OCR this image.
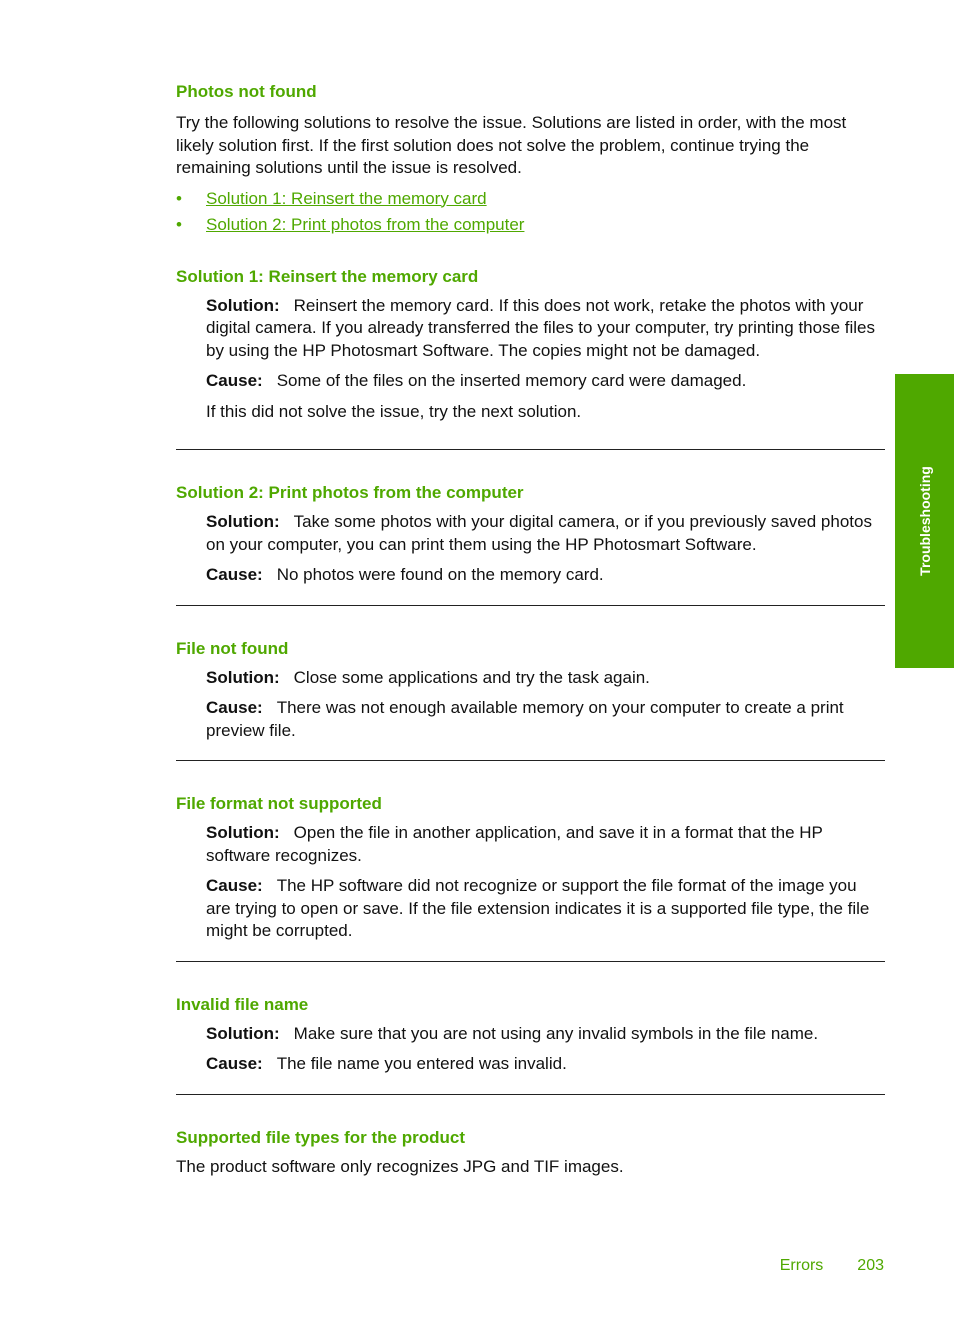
Photos not found

Try the following solutions to resolve the issue. Solutions are listed in order, with the most likely solution first. If the first solution does not solve the problem, continue trying the remaining solutions until the issue is resolved.

• Solution 1: Reinsert the memory card
• Solution 2: Print photos from the computer
Solution 1: Reinsert the memory card

Solution: Reinsert the memory card. If this does not work, retake the photos with your digital camera. If you already transferred the files to your computer, try printing those files by using the HP Photosmart Software. The copies might not be damaged.

Cause: Some of the files on the inserted memory card were damaged.

If this did not solve the issue, try the next solution.

Solution 2: Print photos from the computer

Solution: Take some photos with your digital camera, or if you previously saved photos on your computer, you can print them using the HP Photosmart Software.

Cause: No photos were found on the memory card.

File not found

Solution: Close some applications and try the task again.

Cause: There was not enough available memory on your computer to create a print preview file.

File format not supported

Solution: Open the file in another application, and save it in a format that the HP software recognizes.

Cause: The HP software did not recognize or support the file format of the image you are trying to open or save. If the file extension indicates it is a supported file type, the file might be corrupted.

Invalid file name

Solution: Make sure that you are not using any invalid symbols in the file name.

Cause: The file name you entered was invalid.

Supported file types for the product

The product software only recognizes JPG and TIF images.

Troubleshooting
Errors 203
